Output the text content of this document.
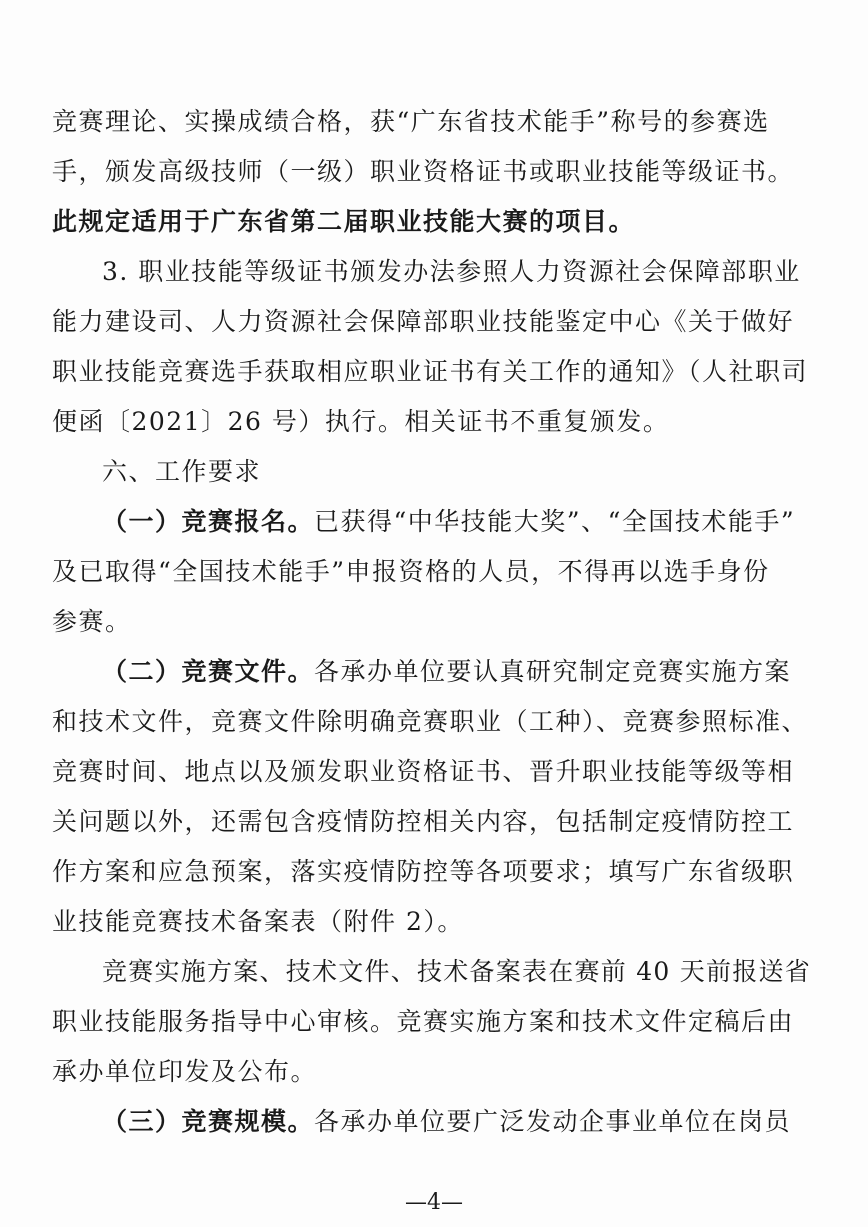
竞赛理论、实操成绩合格，获“广东省技术能手”称号的参赛选
手，颁发高级技师（一级）职业资格证书或职业技能等级证书。
此规定适用于广东省第二届职业技能大赛的项目。
3. 职业技能等级证书颁发办法参照人力资源社会保障部职业
能力建设司、人力资源社会保障部职业技能鉴定中心《关于做好
职业技能竞赛选手获取相应职业证书有关工作的通知》（人社职司
便函〔2021〕26 号）执行。相关证书不重复颁发。
六、工作要求
（一）竞赛报名。已获得“中华技能大奖”、“全国技术能手”
及已取得“全国技术能手”申报资格的人员，不得再以选手身份
参赛。
（二）竞赛文件。各承办单位要认真研究制定竞赛实施方案
和技术文件，竞赛文件除明确竞赛职业（工种）、竞赛参照标准、
竞赛时间、地点以及颁发职业资格证书、晋升职业技能等级等相
关问题以外，还需包含疫情防控相关内容，包括制定疫情防控工
作方案和应急预案，落实疫情防控等各项要求；填写广东省级职
业技能竞赛技术备案表（附件 2）。
竞赛实施方案、技术文件、技术备案表在赛前 40 天前报送省
职业技能服务指导中心审核。竞赛实施方案和技术文件定稿后由
承办单位印发及公布。
（三）竞赛规模。各承办单位要广泛发动企事业单位在岗员
—4—
